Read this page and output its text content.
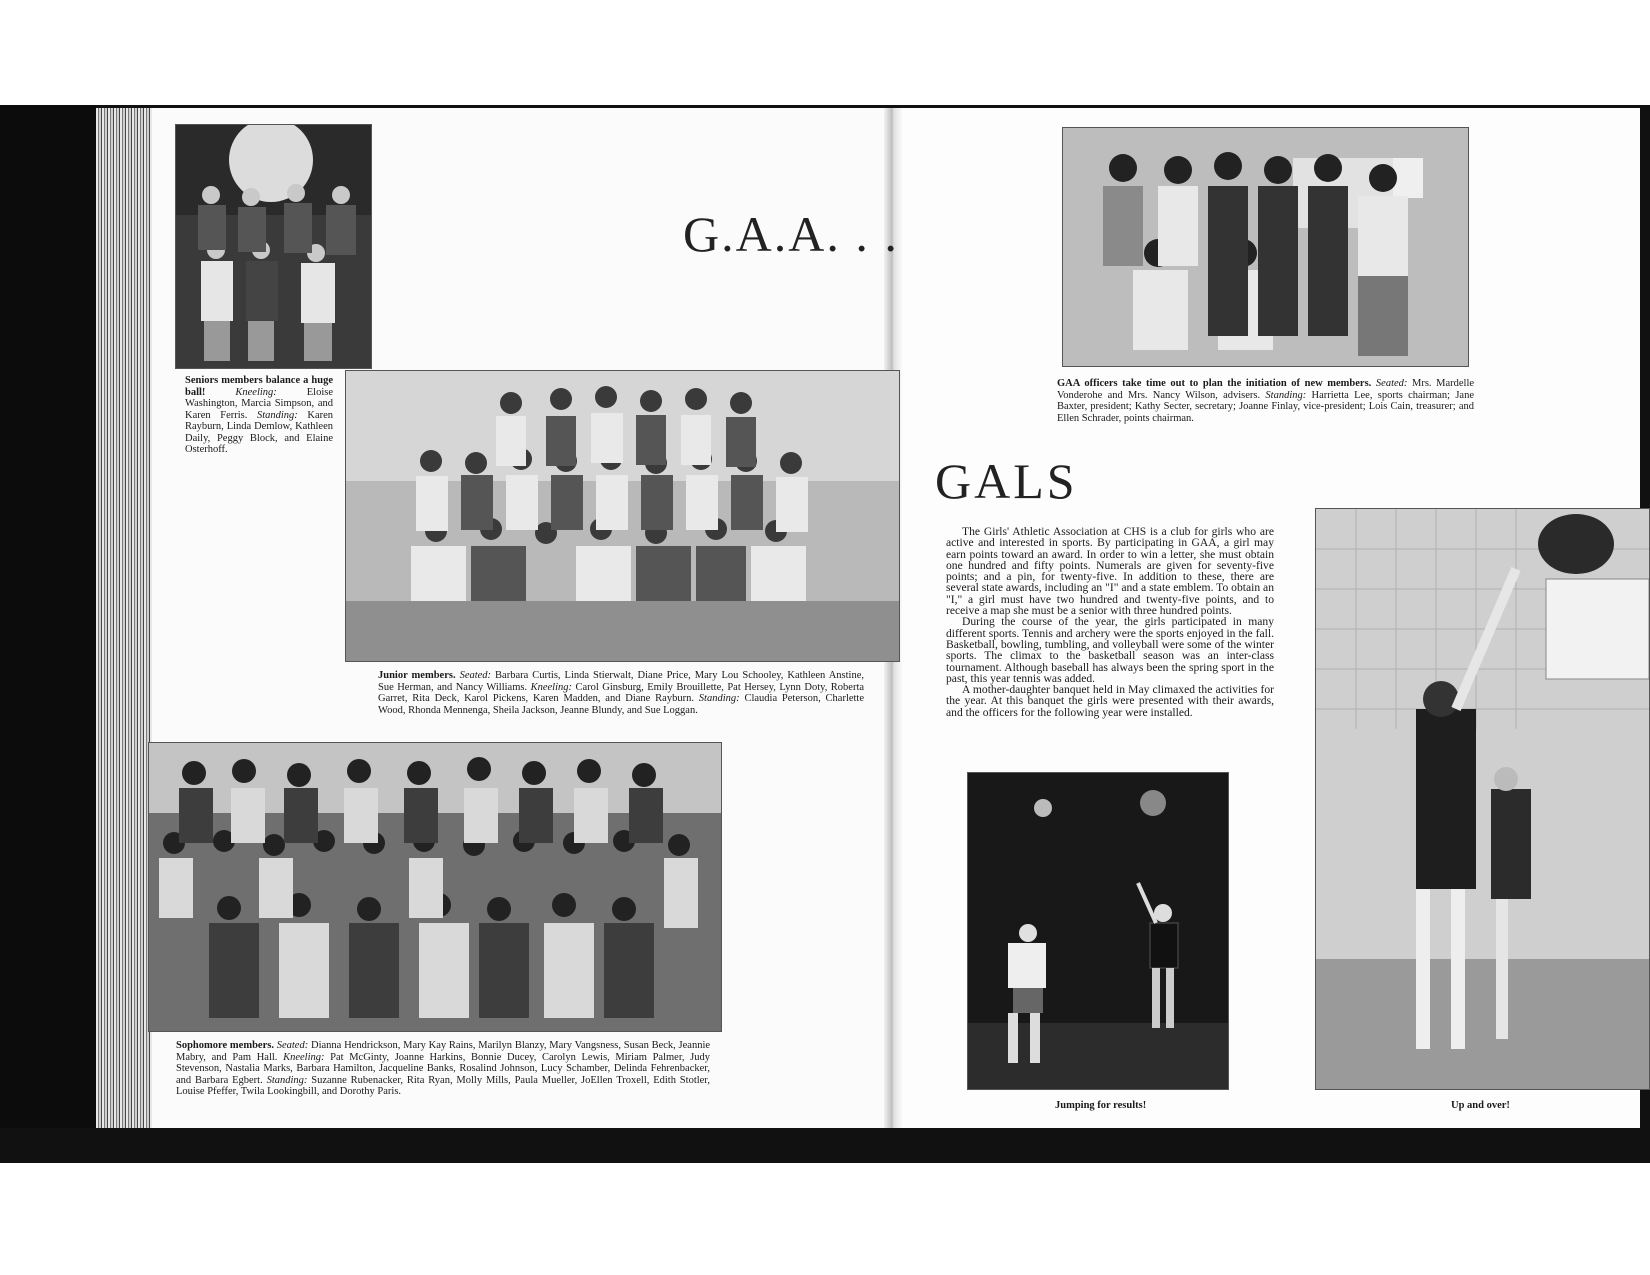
Seniors members balance a huge ball!	Kneeling:	Eloise Washington, Marcia Simpson, and Karen Ferris. Standing: Karen Rayburn, Linda Demlow, Kathleen Daily, Peggy Block, and Elaine Osterhoff.
G.A.A. . .
Junior members. Seated: Barbara Curtis, Linda Stierwalt, Diane Price, Mary Lou Schooley, Kathleen Anstine, Sue Herman, and Nancy Williams. Kneeling: Carol Ginsburg, Emily Brouillette, Pat Hersey, Lynn Doty, Roberta Garret, Rita Deck, Karol Pickens, Karen Madden, and Diane Rayburn. Standing: Claudia Peterson, Charlette Wood, Rhonda Mennenga, Sheila Jackson, Jeanne Blundy, and Sue Loggan.
Sophomore members. Seated: Dianna Hendrickson, Mary Kay Rains, Marilyn Blanzy, Mary Vangsness, Susan Beck, Jeannie Mabry, and Pam Hall. Kneeling: Pat McGinty, Joanne Harkins, Bonnie Ducey, Carolyn Lewis, Miriam Palmer, Judy Stevenson, Nastalia Marks, Barbara Hamilton, Jacqueline Banks, Rosalind Johnson, Lucy Schamber, Delinda Fehrenbacker, and Barbara Egbert. Standing: Suzanne Rubenacker, Rita Ryan, Molly Mills, Paula Mueller, JoEllen Troxell, Edith Stotler, Louise Pfeffer, Twila Lookingbill, and Dorothy Paris.
GAA officers take time out to plan the initiation of new members. Seated: Mrs. Mardelle Vonderohe and Mrs. Nancy Wilson, advisers. Standing: Harrietta Lee, sports chairman; Jane Baxter, president; Kathy Secter, secretary; Joanne Finlay, vice-president; Lois Cain, treasurer; and Ellen Schrader, points chairman.
GALS

The Girls' Athletic Association at CHS is a club for girls who are active and interested in sports. By participating in GAA, a girl may earn points toward an award. In order to win a letter, she must obtain one hundred and fifty points. Numerals are given for seventy-five points; and a pin, for twenty-five. In addition to these, there are several state awards, including an "I" and a state emblem. To obtain an "I," a girl must have two hundred and twenty-five points, and to receive a map she must be a senior with three hundred points.

During the course of the year, the girls participated in many different sports. Tennis and archery were the sports enjoyed in the fall. Basketball, bowling, tumbling, and volleyball were some of the winter sports. The climax to the basketball season was an inter-class tournament. Although baseball has always been the spring sport in the past, this year tennis was added.

A mother-daughter banquet held in May climaxed the activities for the year. At this banquet the girls were presented with their awards, and the officers for the following year were installed.

Jumping for results!	Up and over!
